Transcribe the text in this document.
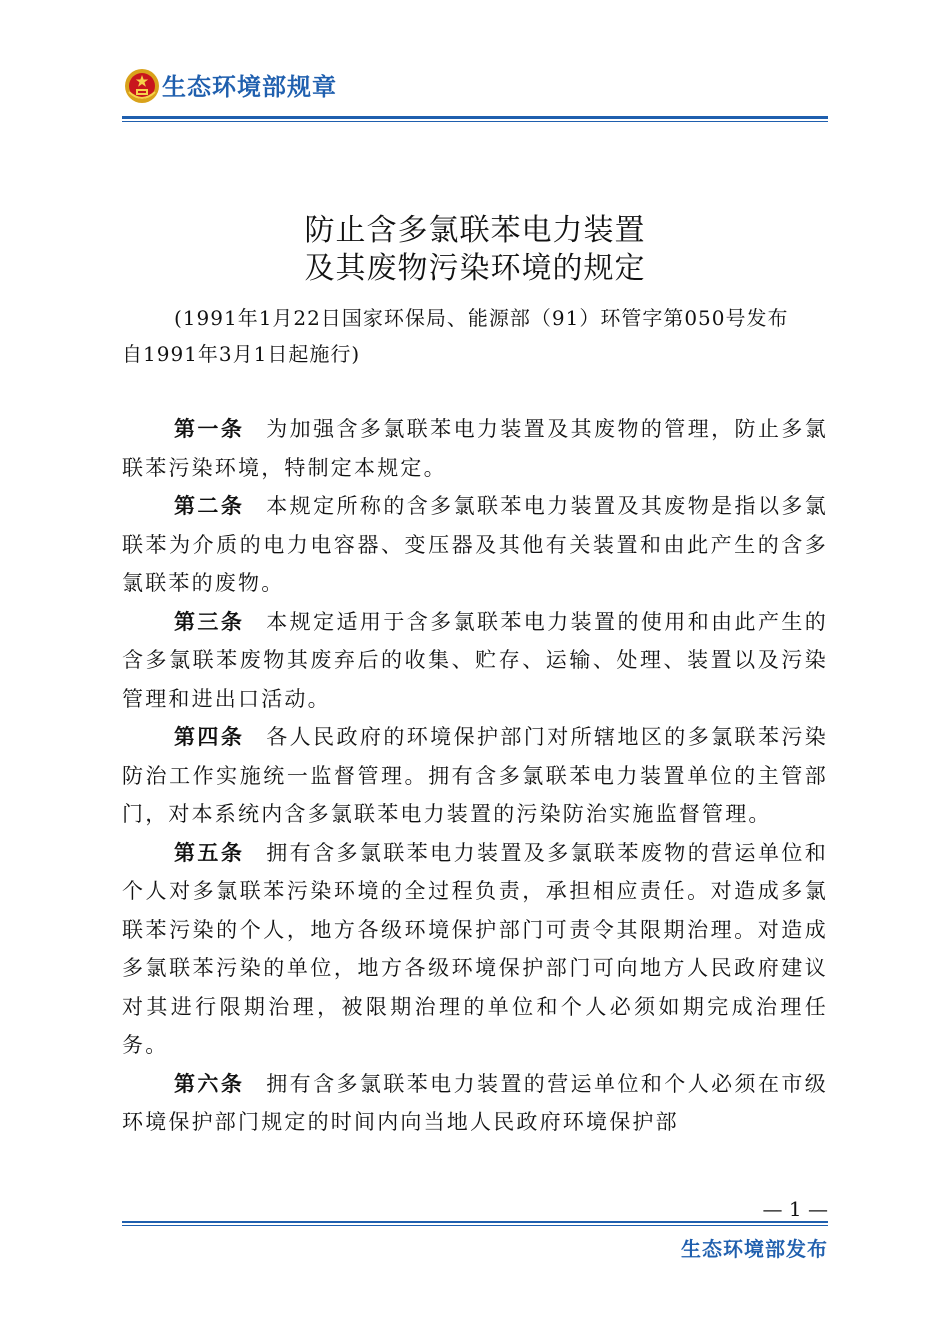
生态环境部规章
防止含多氯联苯电力装置
及其废物污染环境的规定
(1991年1月22日国家环保局、能源部（91）环管字第050号发布　自1991年3月1日起施行)

第一条 为加强含多氯联苯电力装置及其废物的管理，防止多氯联苯污染环境，特制定本规定。

第二条 本规定所称的含多氯联苯电力装置及其废物是指以多氯联苯为介质的电力电容器、变压器及其他有关装置和由此产生的含多氯联苯的废物。

第三条 本规定适用于含多氯联苯电力装置的使用和由此产生的含多氯联苯废物其废弃后的收集、贮存、运输、处理、装置以及污染管理和进出口活动。

第四条 各人民政府的环境保护部门对所辖地区的多氯联苯污染防治工作实施统一监督管理。拥有含多氯联苯电力装置单位的主管部门，对本系统内含多氯联苯电力装置的污染防治实施监督管理。

第五条 拥有含多氯联苯电力装置及多氯联苯废物的营运单位和个人对多氯联苯污染环境的全过程负责，承担相应责任。对造成多氯联苯污染的个人，地方各级环境保护部门可责令其限期治理。对造成多氯联苯污染的单位，地方各级环境保护部门可向地方人民政府建议对其进行限期治理，被限期治理的单位和个人必须如期完成治理任务。

第六条 拥有含多氯联苯电力装置的营运单位和个人必须在市级环境保护部门规定的时间内向当地人民政府环境保护部

— 1 —
生态环境部发布
